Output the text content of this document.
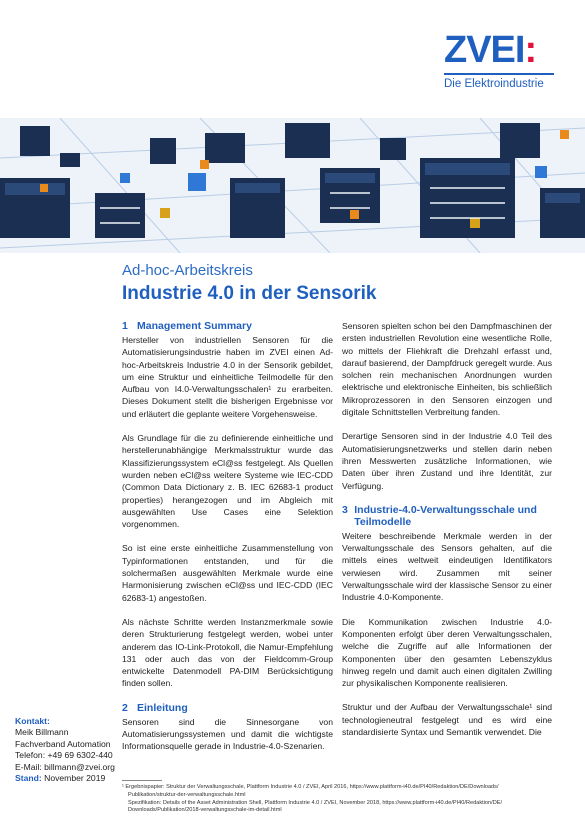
ZVEI:
Die Elektroindustrie
Ad-hoc-Arbeitskreis
Industrie 4.0 in der Sensorik
1 Management Summary

Hersteller von industriellen Sensoren für die Automatisierungsindustrie haben im ZVEI einen Ad-hoc-Arbeitskreis Industrie 4.0 in der Sensorik gebildet, um eine Struktur und einheitliche Teilmodelle für den Aufbau von I4.0-Verwaltungsschalen¹ zu erarbeiten. Dieses Dokument stellt die bisherigen Ergebnisse vor und erläutert die geplante weitere Vorgehensweise.

Als Grundlage für die zu definierende einheitliche und herstellerunabhängige Merkmalsstruktur wurde das Klassifizierungssystem eCl@ss festgelegt. Als Quellen wurden neben eCl@ss weitere Systeme wie IEC-CDD (Common Data Dictionary z. B. IEC 62683-1 product properties) herangezogen und im Abgleich mit ausgewählten Use Cases eine Selektion vorgenommen.

So ist eine erste einheitliche Zusammenstellung von Typinformationen entstanden, und für die solchermaßen ausgewählten Merkmale wurde eine Harmonisierung zwischen eCl@ss und IEC-CDD (IEC 62683-1) angestoßen.

Als nächste Schritte werden Instanzmerkmale sowie deren Strukturierung festgelegt werden, wobei unter anderem das IO-Link-Protokoll, die Namur-Empfehlung 131 oder auch das von der Fieldcomm-Group entwickelte Datenmodell PA-DIM Berücksichtigung finden sollen.

2 Einleitung

Sensoren sind die Sinnesorgane von Automatisierungssystemen und damit die wichtigste Informationsquelle gerade in Industrie-4.0-Szenarien.

Sensoren spielten schon bei den Dampfmaschinen der ersten industriellen Revolution eine wesentliche Rolle, wo mittels der Fliehkraft die Drehzahl erfasst und, darauf basierend, der Dampfdruck geregelt wurde. Aus solchen rein mechanischen Anordnungen wurden elektrische und elektronische Einheiten, bis schließlich Mikroprozessoren in den Sensoren einzogen und digitale Schnittstellen Verbreitung fanden.

Derartige Sensoren sind in der Industrie 4.0 Teil des Automatisierungsnetzwerks und stellen darin neben ihren Messwerten zusätzliche Informationen, wie Daten über ihren Zustand und ihre Identität, zur Verfügung.

3 Industrie-4.0-Verwaltungsschale und Teilmodelle

Weitere beschreibende Merkmale werden in der Verwaltungsschale des Sensors gehalten, auf die mittels eines weltweit eindeutigen Identifikators verwiesen wird. Zusammen mit seiner Verwaltungsschale wird der klassische Sensor zu einer Industrie 4.0-Komponente.

Die Kommunikation zwischen Industrie 4.0-Komponenten erfolgt über deren Verwaltungsschalen, welche die Zugriffe auf alle Informationen der Komponenten über den gesamten Lebenszyklus hinweg regeln und damit auch einen digitalen Zwilling zur physikalischen Komponente realisieren.

Struktur und der Aufbau der Verwaltungsschale¹ sind technologieneutral festgelegt und es wird eine standardisierte Syntax und Semantik verwendet. Die

Kontakt:
Meik Billmann
Fachverband Automation
Telefon: +49 69 6302-440
E-Mail: billmann@zvei.org
Stand: November 2019
¹ Ergebnispapier: Struktur der Verwaltungsschale, Plattform Industrie 4.0 / ZVEI, April 2016, https://www.plattform-i40.de/PI40/Redaktion/DE/Downloads/
Publikation/struktur-der-verwaltungsschale.html
Spezifikation: Details of the Asset Administration Shell, Plattform Industrie 4.0 / ZVEI, November 2018, https://www.plattform-i40.de/PI40/Redaktion/DE/
Downloads/Publikation/2018-verwaltungsschale-im-detail.html
